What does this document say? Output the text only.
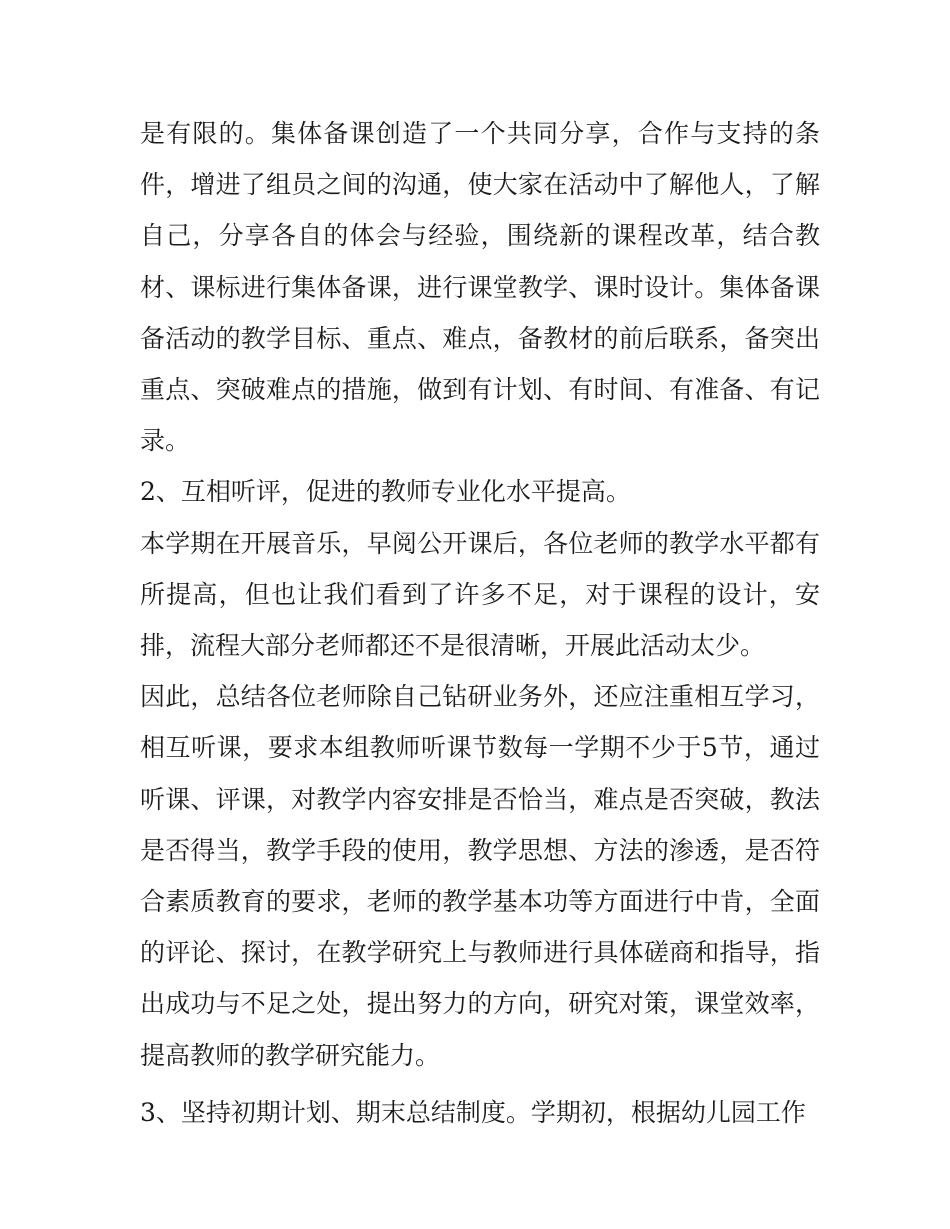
是有限的。集体备课创造了一个共同分享，合作与支持的条件，增进了组员之间的沟通，使大家在活动中了解他人，了解自己，分享各自的体会与经验，围绕新的课程改革，结合教材、课标进行集体备课，进行课堂教学、课时设计。集体备课备活动的教学目标、重点、难点，备教材的前后联系，备突出重点、突破难点的措施，做到有计划、有时间、有准备、有记录。

2、互相听评，促进的教师专业化水平提高。

本学期在开展音乐，早阅公开课后，各位老师的教学水平都有所提高，但也让我们看到了许多不足，对于课程的设计，安排，流程大部分老师都还不是很清晰，开展此活动太少。

因此，总结各位老师除自己钻研业务外，还应注重相互学习，相互听课，要求本组教师听课节数每一学期不少于5节，通过听课、评课，对教学内容安排是否恰当，难点是否突破，教法是否得当，教学手段的使用，教学思想、方法的渗透，是否符合素质教育的要求，老师的教学基本功等方面进行中肯，全面的评论、探讨，在教学研究上与教师进行具体磋商和指导，指出成功与不足之处，提出努力的方向，研究对策，课堂效率，提高教师的教学研究能力。

3、坚持初期计划、期末总结制度。学期初，根据幼儿园工作
